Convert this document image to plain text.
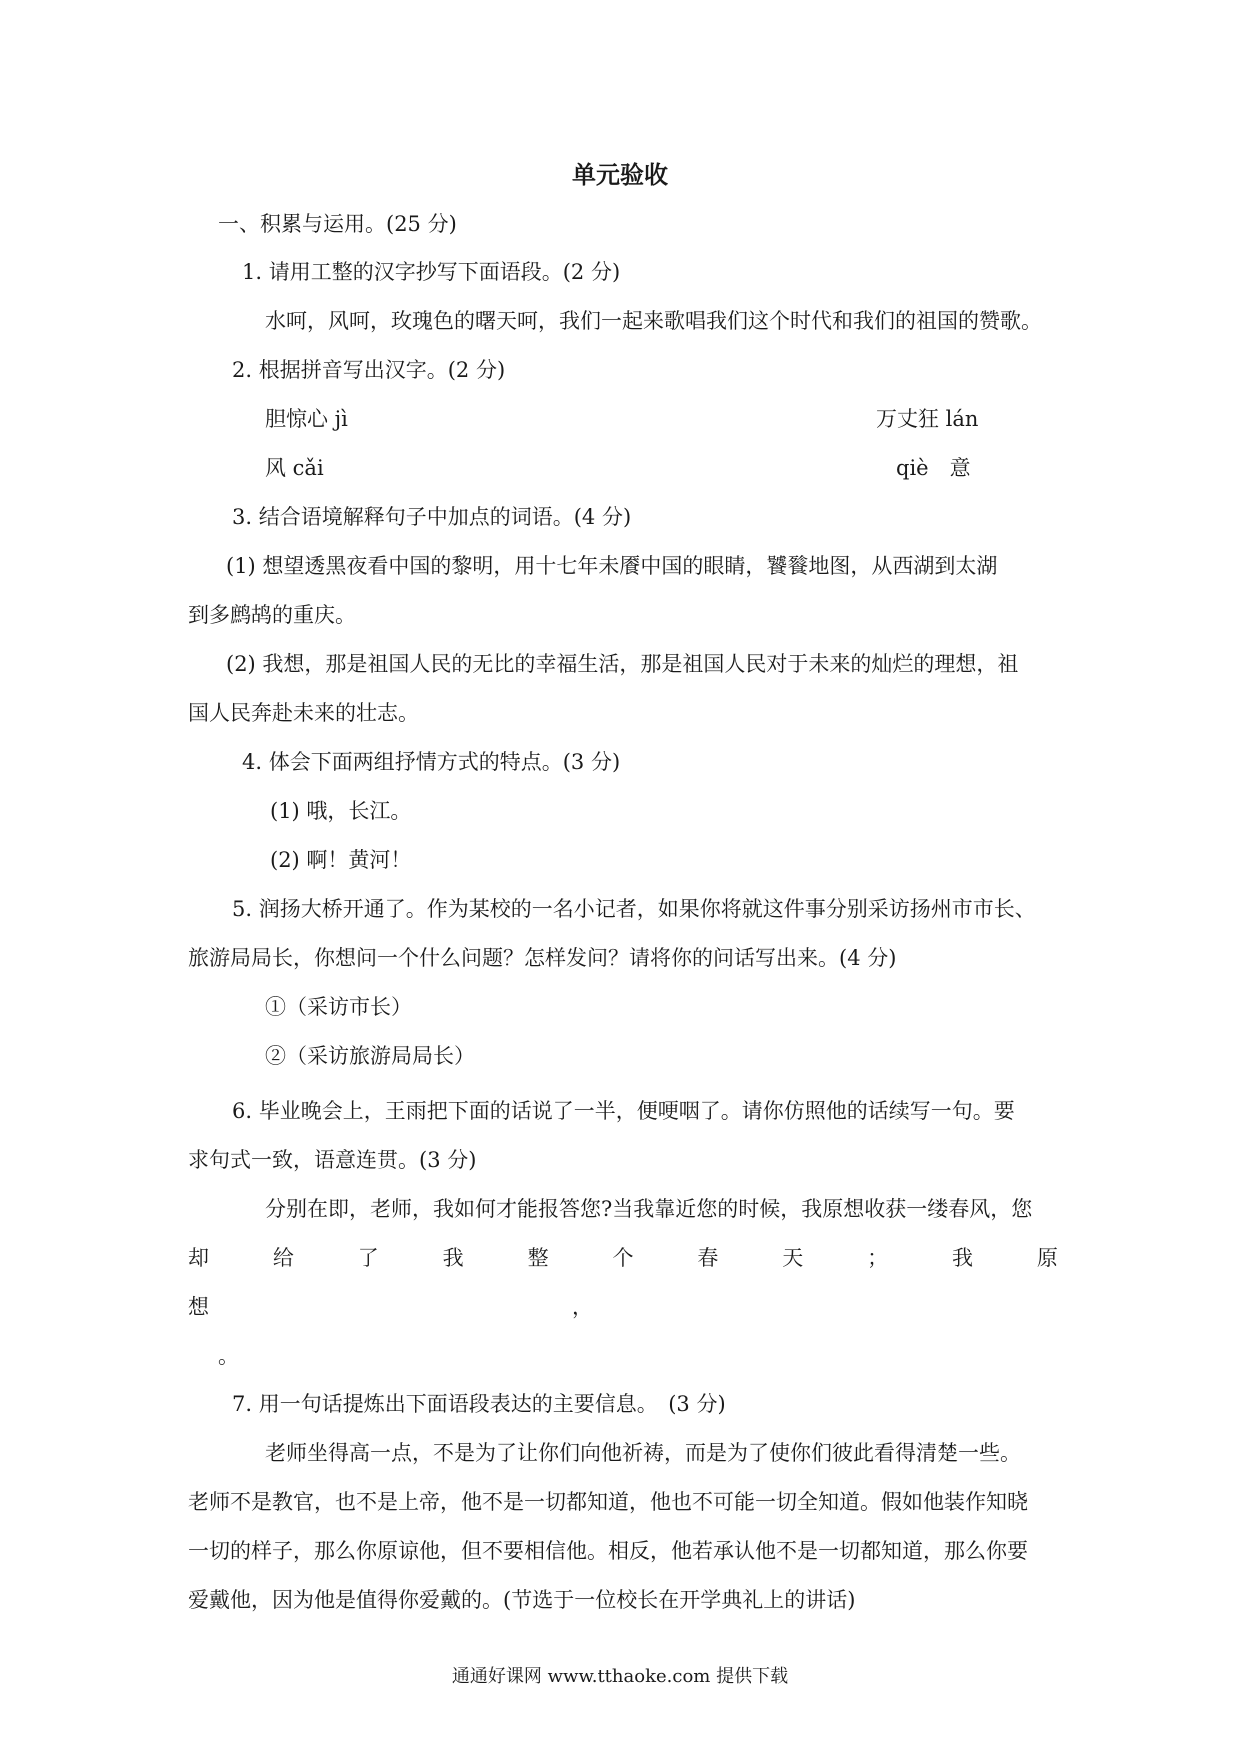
单元验收
一、积累与运用。(25 分)
1. 请用工整的汉字抄写下面语段。(2 分)
水呵，风呵，玫瑰色的曙天呵，我们一起来歌唱我们这个时代和我们的祖国的赞歌。
2. 根据拼音写出汉字。(2 分)
胆惊心 jì	万丈狂 lán
风 cǎi	qiè　意
3. 结合语境解释句子中加点的词语。(4 分)
(1) 想望透黑夜看中国的黎明，用十七年未餍中国的眼睛，饕餮地图，从西湖到太湖
到多鹧鸪的重庆。
(2) 我想，那是祖国人民的无比的幸福生活，那是祖国人民对于未来的灿烂的理想，祖
国人民奔赴未来的壮志。
4. 体会下面两组抒情方式的特点。(3 分)
(1) 哦，长江。
(2) 啊！黄河！
5. 润扬大桥开通了。作为某校的一名小记者，如果你将就这件事分别采访扬州市市长、
旅游局局长，你想问一个什么问题？怎样发问？请将你的问话写出来。(4 分)
①（采访市长）
②（采访旅游局局长）
6. 毕业晚会上，王雨把下面的话说了一半，便哽咽了。请你仿照他的话续写一句。要
求句式一致，语意连贯。(3 分)
分别在即，老师，我如何才能报答您?当我靠近您的时候，我原想收获一缕春风，您
却	给	了	我	整	个	春	天	；	我	原
想	，
。
7. 用一句话提炼出下面语段表达的主要信息。　(3 分)
老师坐得高一点，不是为了让你们向他祈祷，而是为了使你们彼此看得清楚一些。
老师不是教官，也不是上帝，他不是一切都知道，他也不可能一切全知道。假如他装作知晓
一切的样子，那么你原谅他，但不要相信他。相反，他若承认他不是一切都知道，那么你要
爱戴他，因为他是值得你爱戴的。(节选于一位校长在开学典礼上的讲话)
通通好课网 www.tthaoke.com 提供下载
